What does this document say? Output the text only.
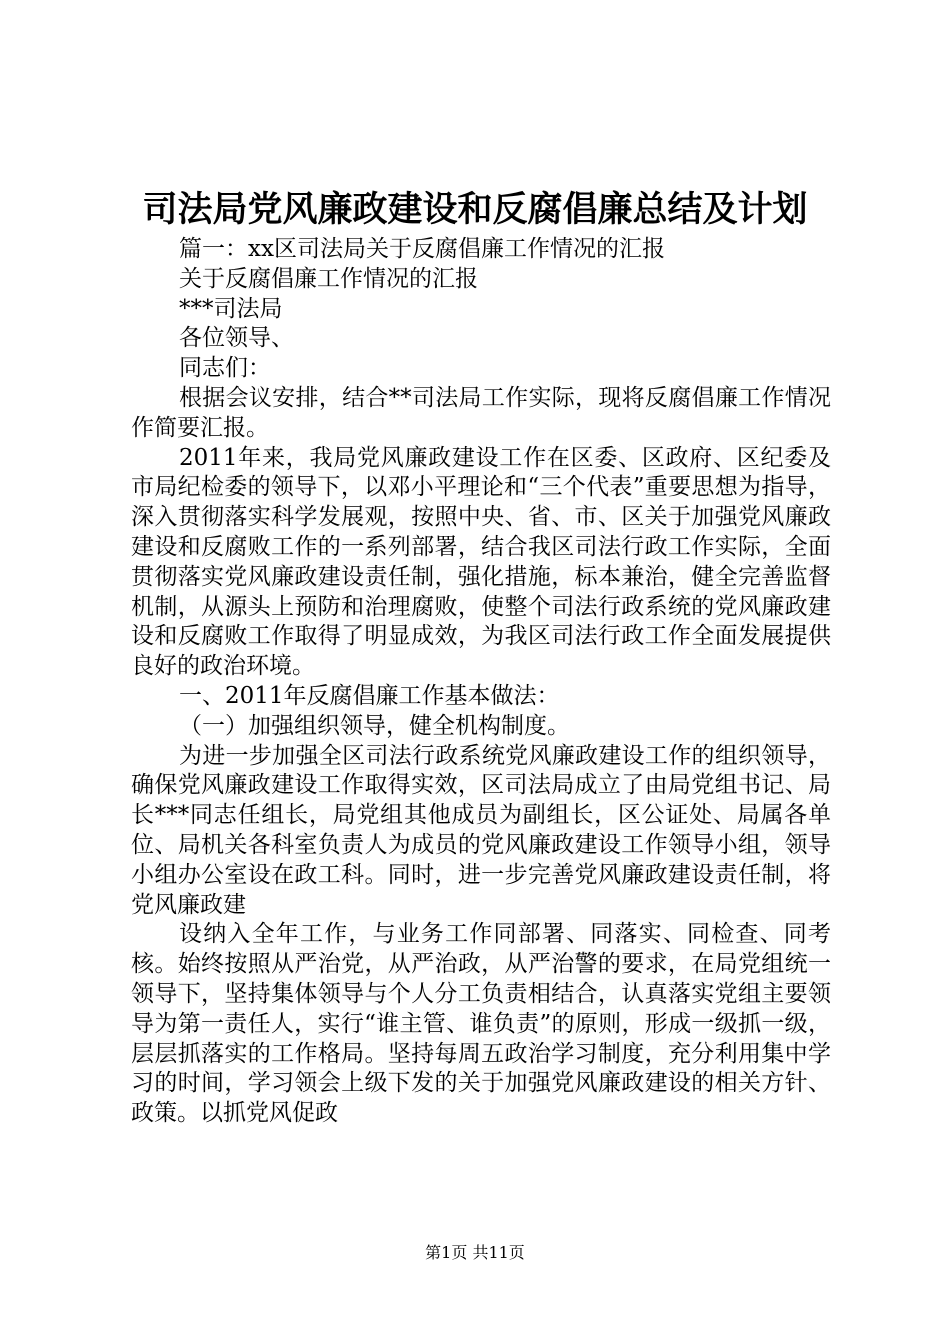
司法局党风廉政建设和反腐倡廉总结及计划

篇一：xx区司法局关于反腐倡廉工作情况的汇报

关于反腐倡廉工作情况的汇报

***司法局

各位领导、

同志们：

根据会议安排，结合**司法局工作实际，现将反腐倡廉工作情况作简要汇报。

2011年来，我局党风廉政建设工作在区委、区政府、区纪委及市局纪检委的领导下，以邓小平理论和“三个代表”重要思想为指导，深入贯彻落实科学发展观，按照中央、省、市、区关于加强党风廉政建设和反腐败工作的一系列部署，结合我区司法行政工作实际，全面贯彻落实党风廉政建设责任制，强化措施，标本兼治，健全完善监督机制，从源头上预防和治理腐败，使整个司法行政系统的党风廉政建设和反腐败工作取得了明显成效，为我区司法行政工作全面发展提供良好的政治环境。

一、2011年反腐倡廉工作基本做法：

（一）加强组织领导，健全机构制度。

为进一步加强全区司法行政系统党风廉政建设工作的组织领导，确保党风廉政建设工作取得实效，区司法局成立了由局党组书记、局长***同志任组长，局党组其他成员为副组长，区公证处、局属各单位、局机关各科室负责人为成员的党风廉政建设工作领导小组，领导小组办公室设在政工科。同时，进一步完善党风廉政建设责任制，将党风廉政建

设纳入全年工作，与业务工作同部署、同落实、同检查、同考核。始终按照从严治党，从严治政，从严治警的要求，在局党组统一领导下，坚持集体领导与个人分工负责相结合，认真落实党组主要领导为第一责任人，实行“谁主管、谁负责”的原则，形成一级抓一级，层层抓落实的工作格局。坚持每周五政治学习制度，充分利用集中学习的时间，学习领会上级下发的关于加强党风廉政建设的相关方针、政策。以抓党风促政

第1页 共11页
